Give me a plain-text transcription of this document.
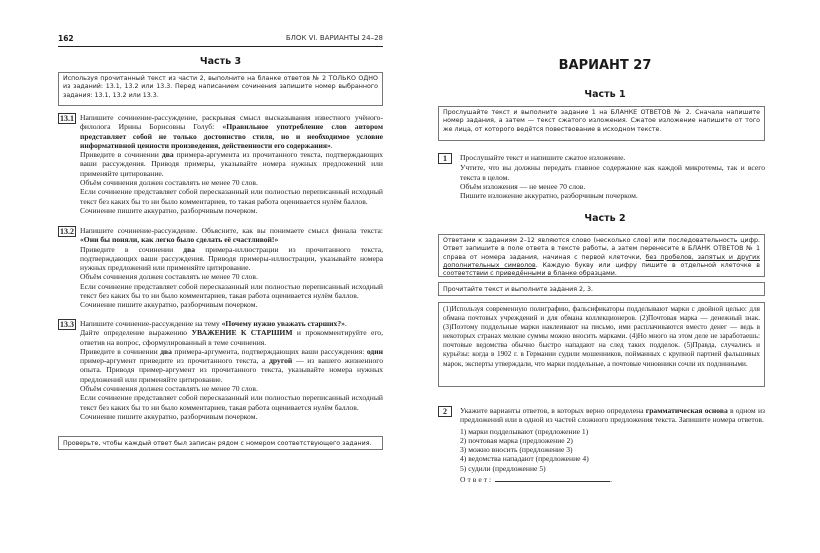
162	БЛОК VI. ВАРИАНТЫ 24–28
Часть 3
Используя прочитанный текст из части 2, выполните на бланке ответов № 2 ТОЛЬКО ОДНО из заданий: 13.1, 13.2 или 13.3. Перед написанием сочинения запишите номер выбранного задания: 13.1, 13.2 или 13.3.
13.1 Напишите сочинение-рассуждение, раскрывая смысл высказывания известного учёного-филолога Ирины Борисовны Голуб: «Правильное употребление слов автором представляет собой не только достоинство стиля, но и необходимое условие информативной ценности произведения, действенности его содержания».

Приведите в сочинении два примера-аргумента из прочитанного текста, подтверждающих ваши рассуждения. Приводя примеры, указывайте номера нужных предложений или применяйте цитирование.

Объём сочинения должен составлять не менее 70 слов.

Если сочинение представляет собой пересказанный или полностью переписанный исходный текст без каких бы то ни было комментариев, то такая работа оценивается нулём баллов.

Сочинение пишите аккуратно, разборчивым почерком.

13.2 Напишите сочинение-рассуждение. Объясните, как вы понимаете смысл финала текста: «Они бы поняли, как легко было сделать её счастливой!»

Приведите в сочинении два примера-иллюстрации из прочитанного текста, подтверждающих ваши рассуждения. Приводя примеры-иллюстрации, указывайте номера нужных предложений или применяйте цитирование.

Объём сочинения должен составлять не менее 70 слов.

Если сочинение представляет собой пересказанный или полностью переписанный исходный текст без каких бы то ни было комментариев, такая работа оценивается нулём баллов.

Сочинение пишите аккуратно, разборчивым почерком.

13.3 Напишите сочинение-рассуждение на тему «Почему нужно уважать старших?».

Дайте определение выражению УВАЖЕНИЕ К СТАРШИМ и прокомментируйте его, ответив на вопрос, сформулированный в теме сочинения.

Приведите в сочинении два примера-аргумента, подтверждающих ваши рассуждения: один пример-аргумент приведите из прочитанного текста, а другой — из вашего жизненного опыта. Приводя пример-аргумент из прочитанного текста, указывайте номера нужных предложений или применяйте цитирование.

Объём сочинения должен составлять не менее 70 слов.

Если сочинение представляет собой пересказанный или полностью переписанный исходный текст без каких бы то ни было комментариев, такая работа оценивается нулём баллов.

Сочинение пишите аккуратно, разборчивым почерком.

Проверьте, чтобы каждый ответ был записан рядом с номером соответствующего задания.
ВАРИАНТ 27
Часть 1
Прослушайте текст и выполните задание 1 на БЛАНКЕ ОТВЕТОВ № 2. Сначала напишите номер задания, а затем — текст сжатого изложения. Сжатое изложение напишите от того же лица, от которого ведётся повествование в исходном тексте.
1	Прослушайте текст и напишите сжатое изложение.

Учтите, что вы должны передать главное содержание как каждой микротемы, так и всего текста в целом.

Объём изложения — не менее 70 слов.

Пишите изложение аккуратно, разборчивым почерком.

Часть 2
Ответами к заданиям 2–12 являются слово (несколько слов) или последовательность цифр. Ответ запишите в поле ответа в тексте работы, а затем перенесите в БЛАНК ОТВЕТОВ № 1 справа от номера задания, начиная с первой клеточки, без пробелов, запятых и других дополнительных символов. Каждую букву или цифру пишите в отдельной клеточке в соответствии с приведёнными в бланке образцами.
Прочитайте текст и выполните задания 2, 3.
(1)Используя современную полиграфию, фальсификаторы подделывают марки с двойной целью: для обмана почтовых учреждений и для обмана коллекционеров. (2)Почтовая марка — денежный знак. (3)Поэтому поддельные марки наклеивают на письмо, ими расплачиваются вместо денег — ведь в некоторых странах мелкие суммы можно вносить марками. (4)Но много на этом деле не заработаешь: почтовые ведомства обычно быстро нападают на след таких подделок. (5)Правда, случались и курьёзы: когда в 1902 г. в Германии судили мошенников, пойманных с крупной партией фальшивых марок, эксперты утверждали, что марки поддельные, а почтовые чиновники сочли их подлинными.
2	Укажите варианты ответов, в которых верно определена грамматическая основа в одном из предложений или в одной из частей сложного предложения текста. Запишите номера ответов.

1) марки подделывают (предложение 1)

2) почтовая марка (предложение 2)

3) можно вносить (предложение 3)

4) ведомства нападают (предложение 4)

5) судили (предложение 5)

Ответ:	.
